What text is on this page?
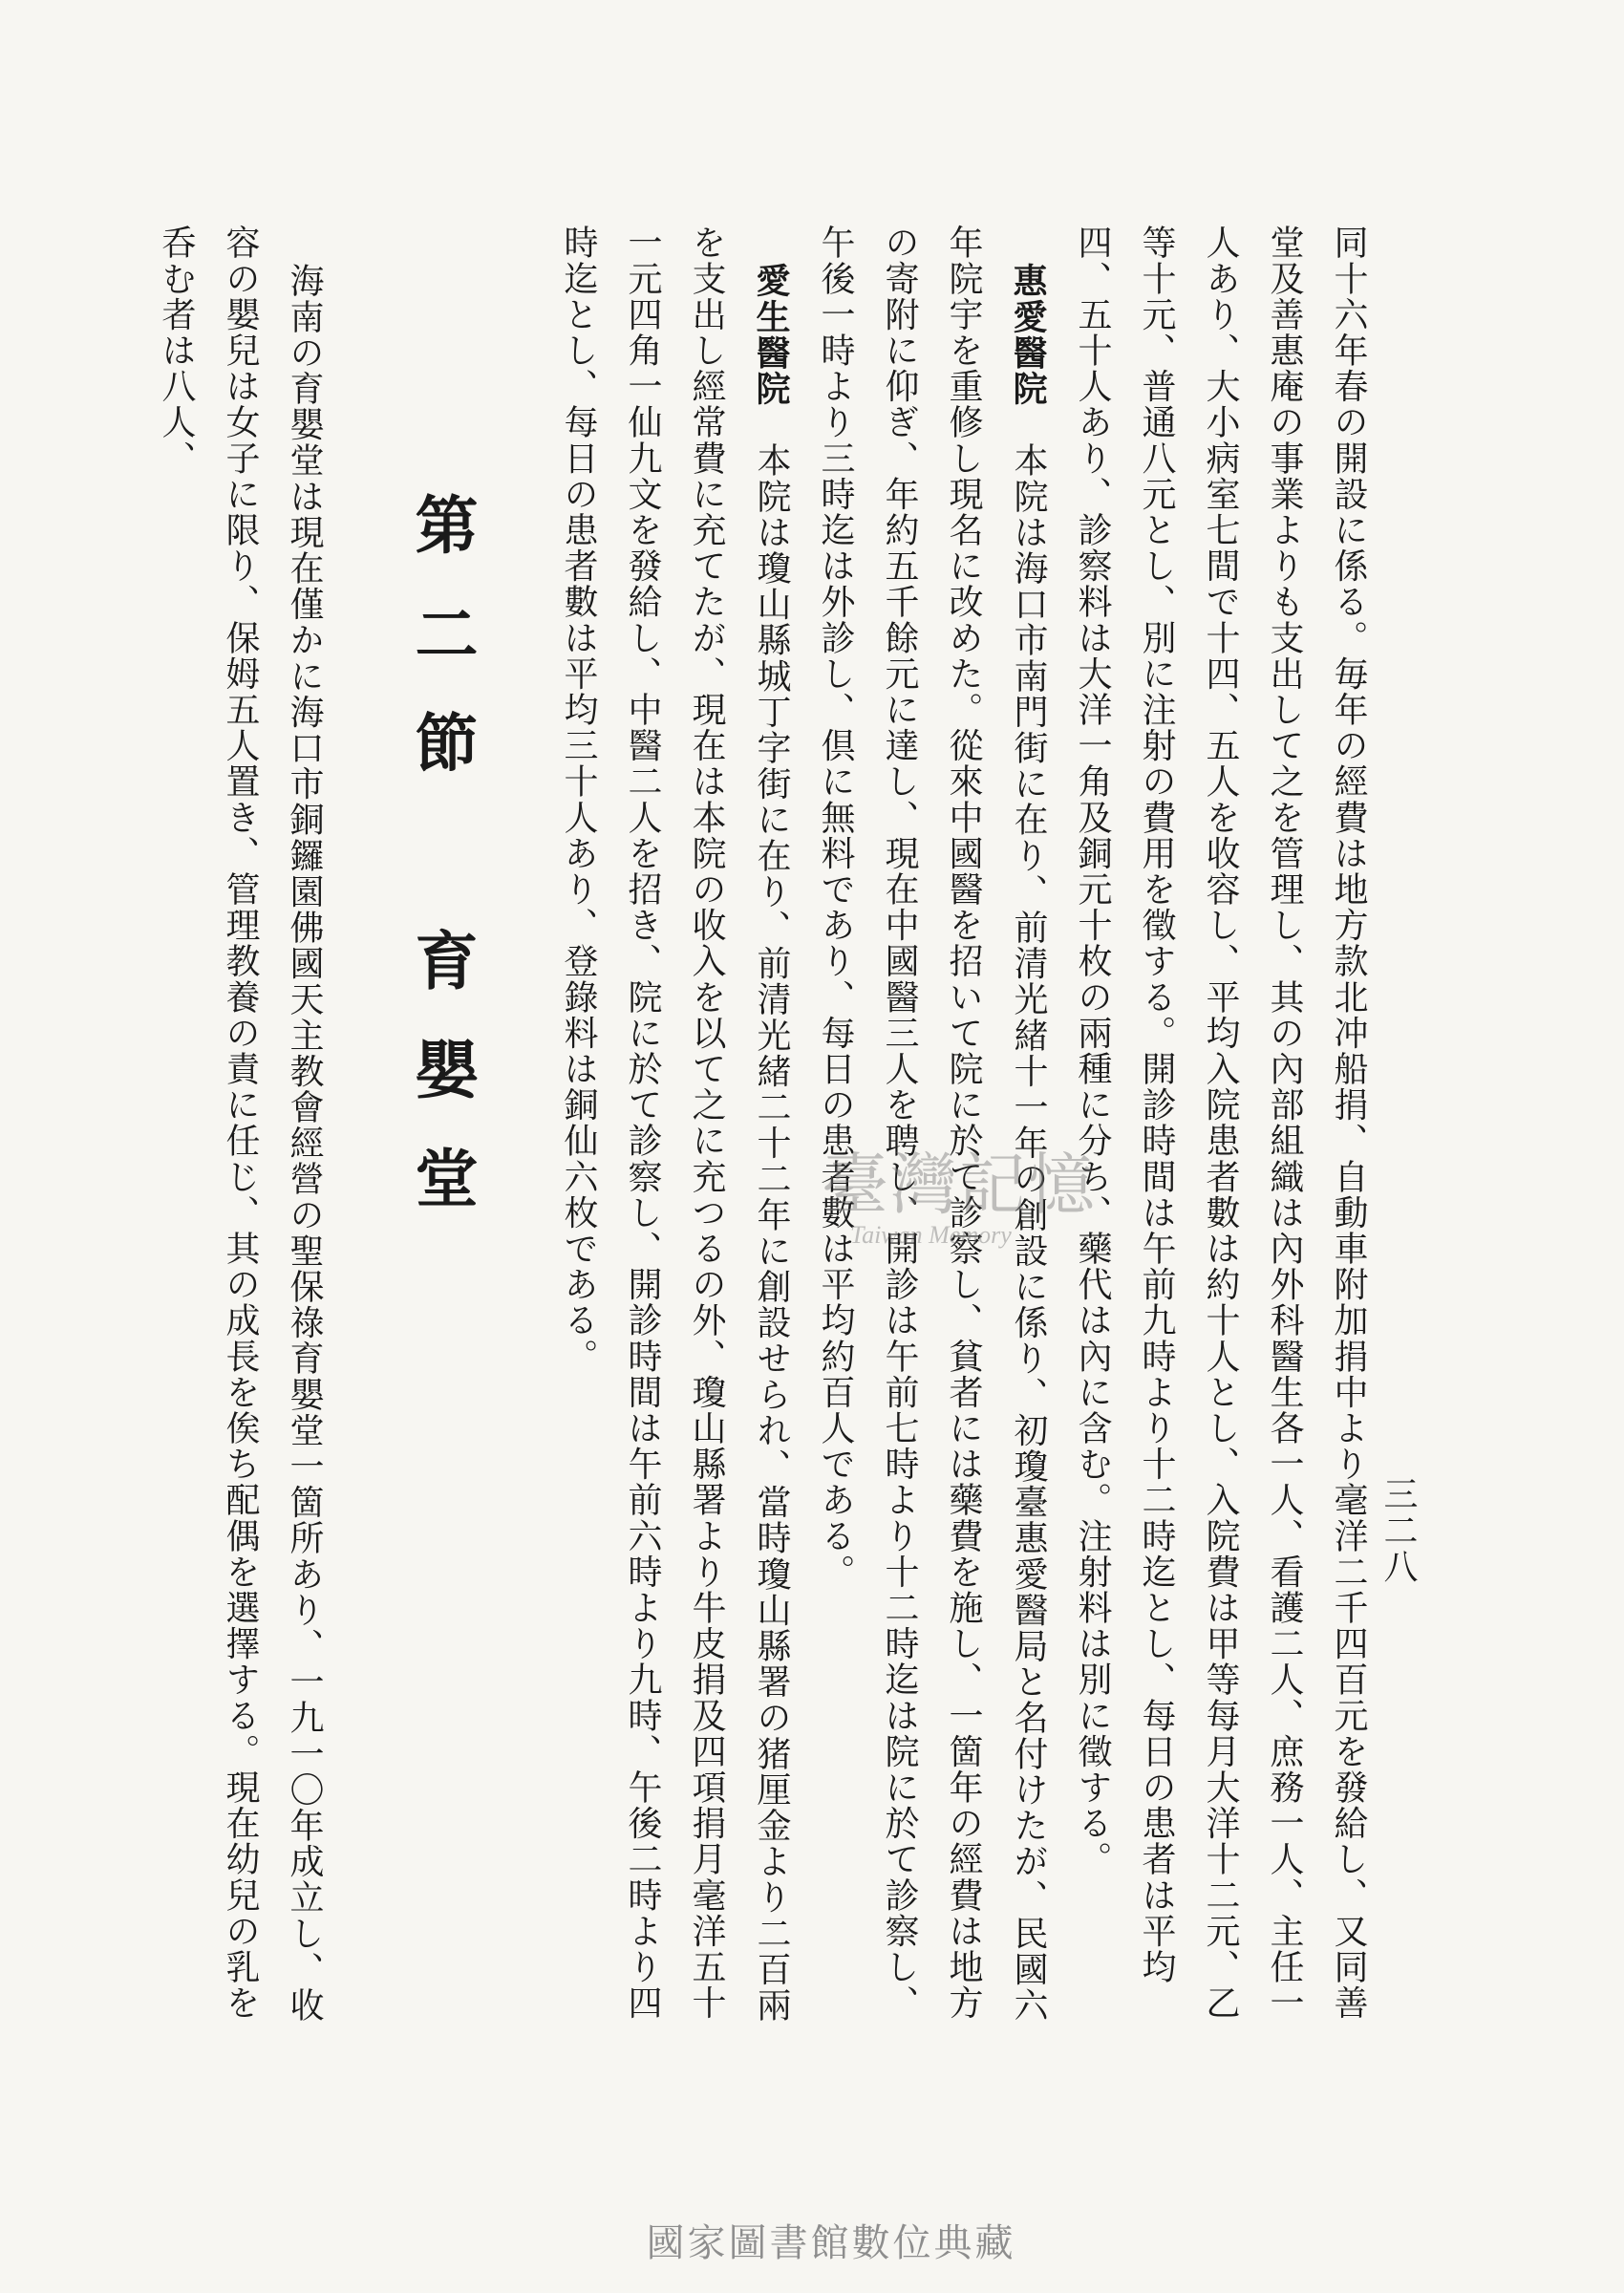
三二八

同十六年春の開設に係る。毎年の經費は地方款北冲船捐、自動車附加捐中より毫洋二千四百元を發給し、又同善堂及善惠庵の事業よりも支出して之を管理し、其の內部組織は內外科醫生各一人、看護二人、庶務一人、主任一人あり、大小病室七間で十四、五人を收容し、平均入院患者數は約十人とし、入院費は甲等每月大洋十二元、乙等十元、普通八元とし、別に注射の費用を徵する。開診時間は午前九時より十二時迄とし、每日の患者は平均四、五十人あり、診察料は大洋一角及銅元十枚の兩種に分ち、藥代は內に含む。注射料は別に徵する。

惠愛醫院　本院は海口市南門街に在り、前清光緒十一年の創設に係り、初瓊臺惠愛醫局と名付けたが、民國六年院宇を重修し現名に改めた。從來中國醫を招いて院に於て診察し、貧者には藥費を施し、一箇年の經費は地方の寄附に仰ぎ、年約五千餘元に達し、現在中國醫三人を聘し、開診は午前七時より十二時迄は院に於て診察し、午後一時より三時迄は外診し、倶に無料であり、每日の患者數は平均約百人である。

愛生醫院　本院は瓊山縣城丁字街に在り、前清光緒二十二年に創設せられ、當時瓊山縣署の猪厘金より二百兩を支出し經常費に充てたが、現在は本院の收入を以て之に充つるの外、瓊山縣署より牛皮捐及四項捐月毫洋五十一元四角一仙九文を發給し、中醫二人を招き、院に於て診察し、開診時間は午前六時より九時、午後二時より四時迄とし、每日の患者數は平均三十人あり、登錄料は銅仙六枚である。

第二節　育嬰堂

海南の育嬰堂は現在僅かに海口市銅鑼園佛國天主教會經營の聖保祿育嬰堂一箇所あり、一九一〇年成立し、收容の嬰兒は女子に限り、保姆五人置き、管理教養の責に任じ、其の成長を俟ち配偶を選擇する。現在幼兒の乳を呑む者は八人、

臺灣記憶
Taiwan Memory
國家圖書館數位典藏
